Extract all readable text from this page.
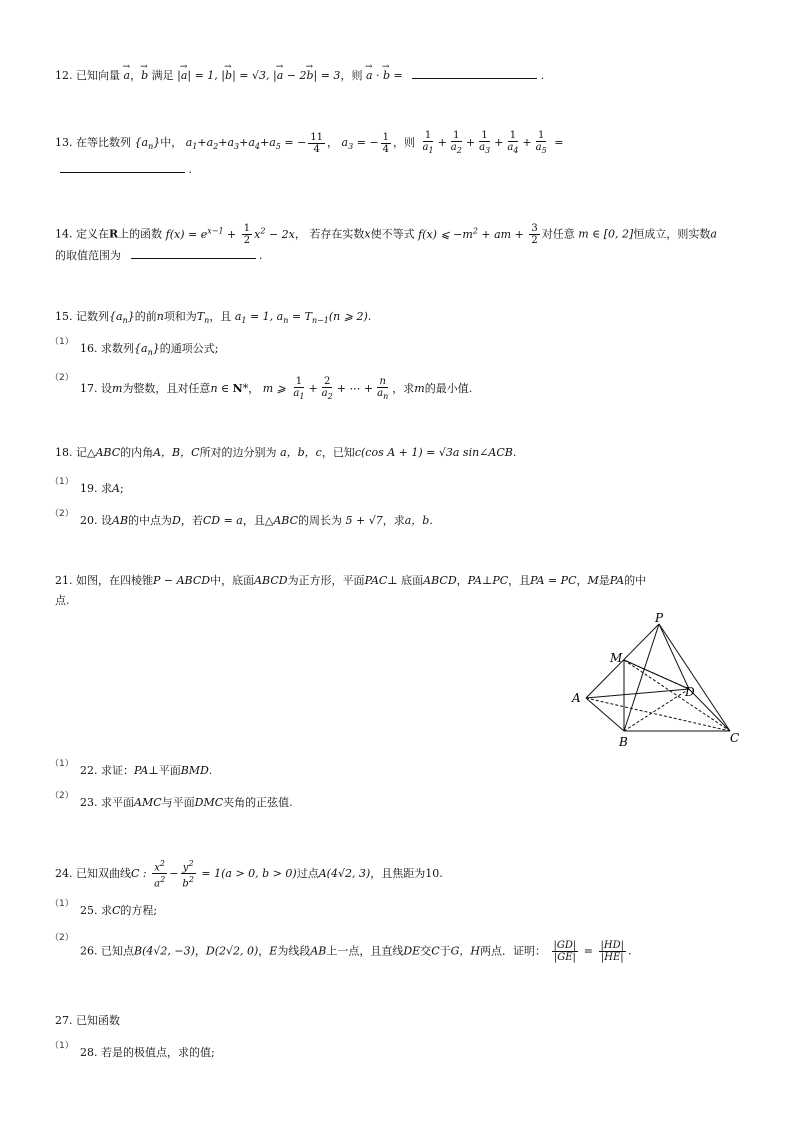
12. 已知向量 → a，→ b 满足 |→ a| = 1, |→ b| = √3, |→ a − 2→ b| = 3，则 → a · → b =	.
13. 在等比数列 $\{a_n\}$中， $a_1+a_2+a_3+a_4+a_5$ = − $\frac{11}{4}$ ， $a_3$ = − $\frac{1}{4}$ ，则 $\frac{1}{a_1} + \frac{1}{a_2} + \frac{1}{a_3} + \frac{1}{a_4} + \frac{1}{a_5}$ =
.
14. 定义在R上的函数 $f(x) = e^{x-1} + \frac{1}{2} x^2 - 2x$， 若存在实数x使不等式 f(x) ⩽ $-m^2$ + am + $\frac{3}{2}$ 对任意 m ∈ [0, 2]恒成立，则实数a
的取值范围为	.
15. 记数列$\{a_n\}$的前n项和为$T_n$，且 $a_1 = 1$, $a_n = T_{n-1}(n$ ⩾ 2).
（1） 16. 求数列$\{a_n\}$的通项公式;
（2）
17. 设m为整数，且对任意n ∈ N*， m ⩾ $\frac{1}{a_1} + \frac{2}{a_2}$ + ⋯ + $\frac{n}{a_n}$ ，求m的最小值.
18. 记△ABC的内角A，B，C所对的边分别为 a，b，c，已知c(cos A + 1) = √3a sin∠ACB.
（1） 19. 求A;
（2） 20. 设AB的中点为D，若CD = a，且△ABC的周长为 5 + √7，求a，b.
21. 如图，在四棱锥P − ABCD中，底面ABCD为正方形，平面PAC⊥ 底面ABCD，PA⊥PC，且PA = PC，M是PA的中
点.
P
M
A	D
B	C
（1） 22. 求证：PA⊥平面BMD.
（2） 23. 求平面AMC与平面DMC夹角的正弦值.
24. 已知双曲线C : $\frac{x^2}{a^2} - \frac{y^2}{b^2} = 1(a > 0$, b > 0)过点A(4√2, 3)，且焦距为10.
（1） 25. 求C的方程;
（2）
26. 已知点B(4√2, −3)，D(2√2, 0)，E为线段AB上一点，且直线DE交C于G，H两点．证明： $\frac{|GD|}{|GE|} = \frac{|HD|}{|HE|}$ .
27. 已知函数
（1） 28. 若是的极值点，求的值;
